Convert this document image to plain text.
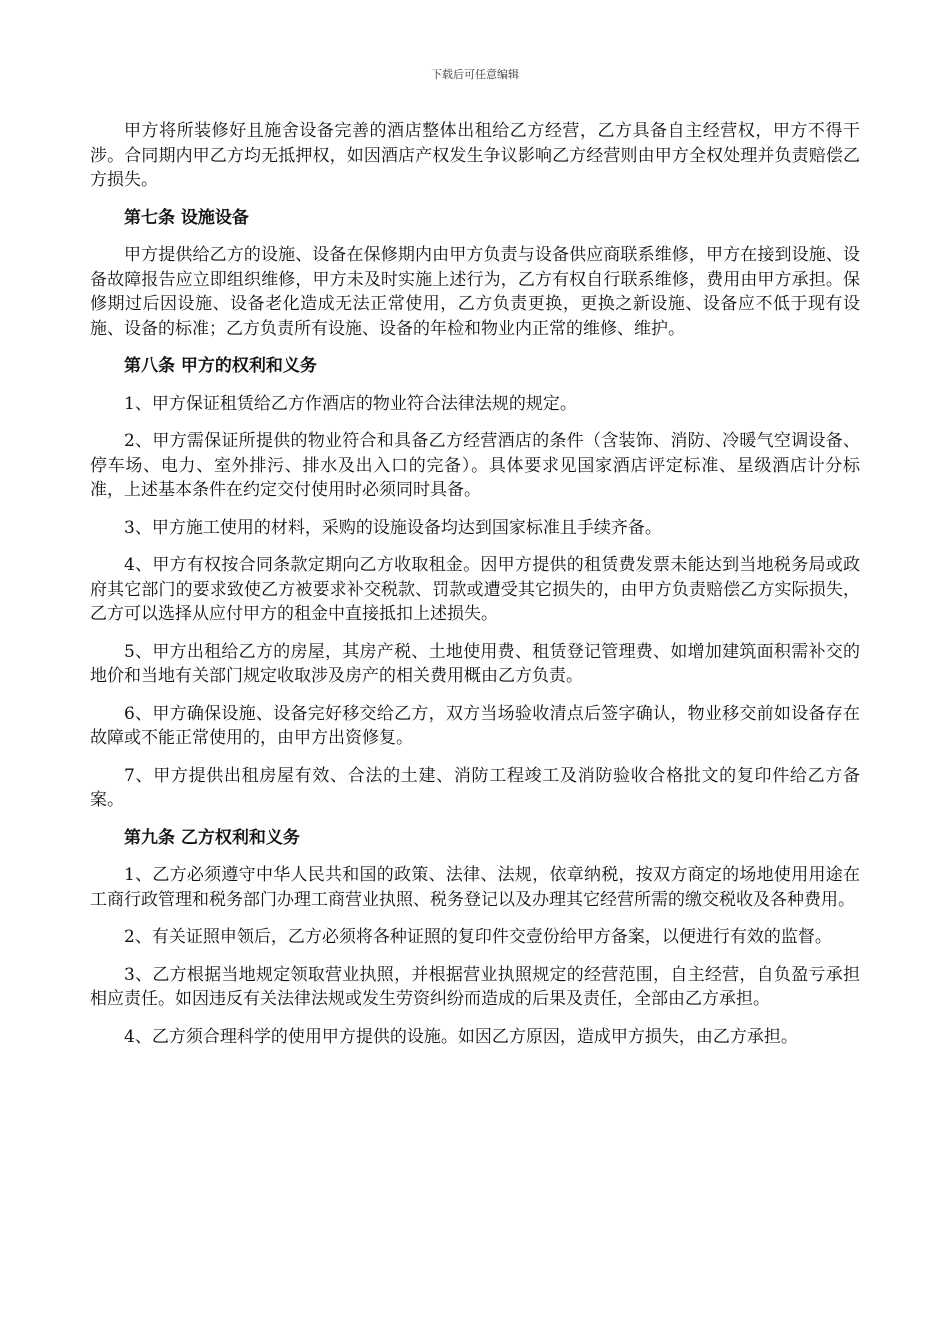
下载后可任意编辑

甲方将所装修好且施舍设备完善的酒店整体出租给乙方经营，乙方具备自主经营权，甲方不得干涉。合同期内甲乙方均无抵押权，如因酒店产权发生争议影响乙方经营则由甲方全权处理并负责赔偿乙方损失。

第七条 设施设备

甲方提供给乙方的设施、设备在保修期内由甲方负责与设备供应商联系维修，甲方在接到设施、设备故障报告应立即组织维修，甲方未及时实施上述行为，乙方有权自行联系维修，费用由甲方承担。保修期过后因设施、设备老化造成无法正常使用，乙方负责更换，更换之新设施、设备应不低于现有设施、设备的标准；乙方负责所有设施、设备的年检和物业内正常的维修、维护。

第八条 甲方的权利和义务

1、甲方保证租赁给乙方作酒店的物业符合法律法规的规定。

2、甲方需保证所提供的物业符合和具备乙方经营酒店的条件（含装饰、消防、冷暖气空调设备、停车场、电力、室外排污、排水及出入口的完备）。具体要求见国家酒店评定标准、星级酒店计分标准，上述基本条件在约定交付使用时必须同时具备。

3、甲方施工使用的材料，采购的设施设备均达到国家标准且手续齐备。

4、甲方有权按合同条款定期向乙方收取租金。因甲方提供的租赁费发票未能达到当地税务局或政府其它部门的要求致使乙方被要求补交税款、罚款或遭受其它损失的，由甲方负责赔偿乙方实际损失，乙方可以选择从应付甲方的租金中直接抵扣上述损失。

5、甲方出租给乙方的房屋，其房产税、土地使用费、租赁登记管理费、如增加建筑面积需补交的地价和当地有关部门规定收取涉及房产的相关费用概由乙方负责。

6、甲方确保设施、设备完好移交给乙方，双方当场验收清点后签字确认，物业移交前如设备存在故障或不能正常使用的，由甲方出资修复。

7、甲方提供出租房屋有效、合法的土建、消防工程竣工及消防验收合格批文的复印件给乙方备案。

第九条 乙方权利和义务

1、乙方必须遵守中华人民共和国的政策、法律、法规，依章纳税，按双方商定的场地使用用途在工商行政管理和税务部门办理工商营业执照、税务登记以及办理其它经营所需的缴交税收及各种费用。

2、有关证照申领后，乙方必须将各种证照的复印件交壹份给甲方备案，以便进行有效的监督。

3、乙方根据当地规定领取营业执照，并根据营业执照规定的经营范围，自主经营，自负盈亏承担相应责任。如因违反有关法律法规或发生劳资纠纷而造成的后果及责任，全部由乙方承担。

4、乙方须合理科学的使用甲方提供的设施。如因乙方原因，造成甲方损失，由乙方承担。
